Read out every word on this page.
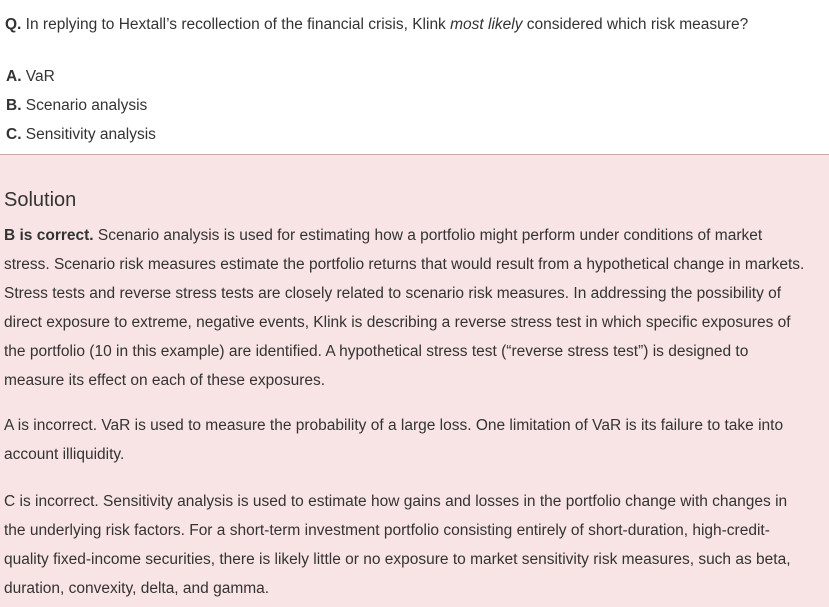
Q. In replying to Hextall’s recollection of the financial crisis, Klink most likely considered which risk measure?
A. VaR
B. Scenario analysis
C. Sensitivity analysis
Solution

B is correct. Scenario analysis is used for estimating how a portfolio might perform under conditions of market
stress. Scenario risk measures estimate the portfolio returns that would result from a hypothetical change in markets.
Stress tests and reverse stress tests are closely related to scenario risk measures. In addressing the possibility of
direct exposure to extreme, negative events, Klink is describing a reverse stress test in which specific exposures of
the portfolio (10 in this example) are identified. A hypothetical stress test (“reverse stress test”) is designed to
measure its effect on each of these exposures.

A is incorrect. VaR is used to measure the probability of a large loss. One limitation of VaR is its failure to take into
account illiquidity.

C is incorrect. Sensitivity analysis is used to estimate how gains and losses in the portfolio change with changes in
the underlying risk factors. For a short-term investment portfolio consisting entirely of short-duration, high-credit-
quality fixed-income securities, there is likely little or no exposure to market sensitivity risk measures, such as beta,
duration, convexity, delta, and gamma.
